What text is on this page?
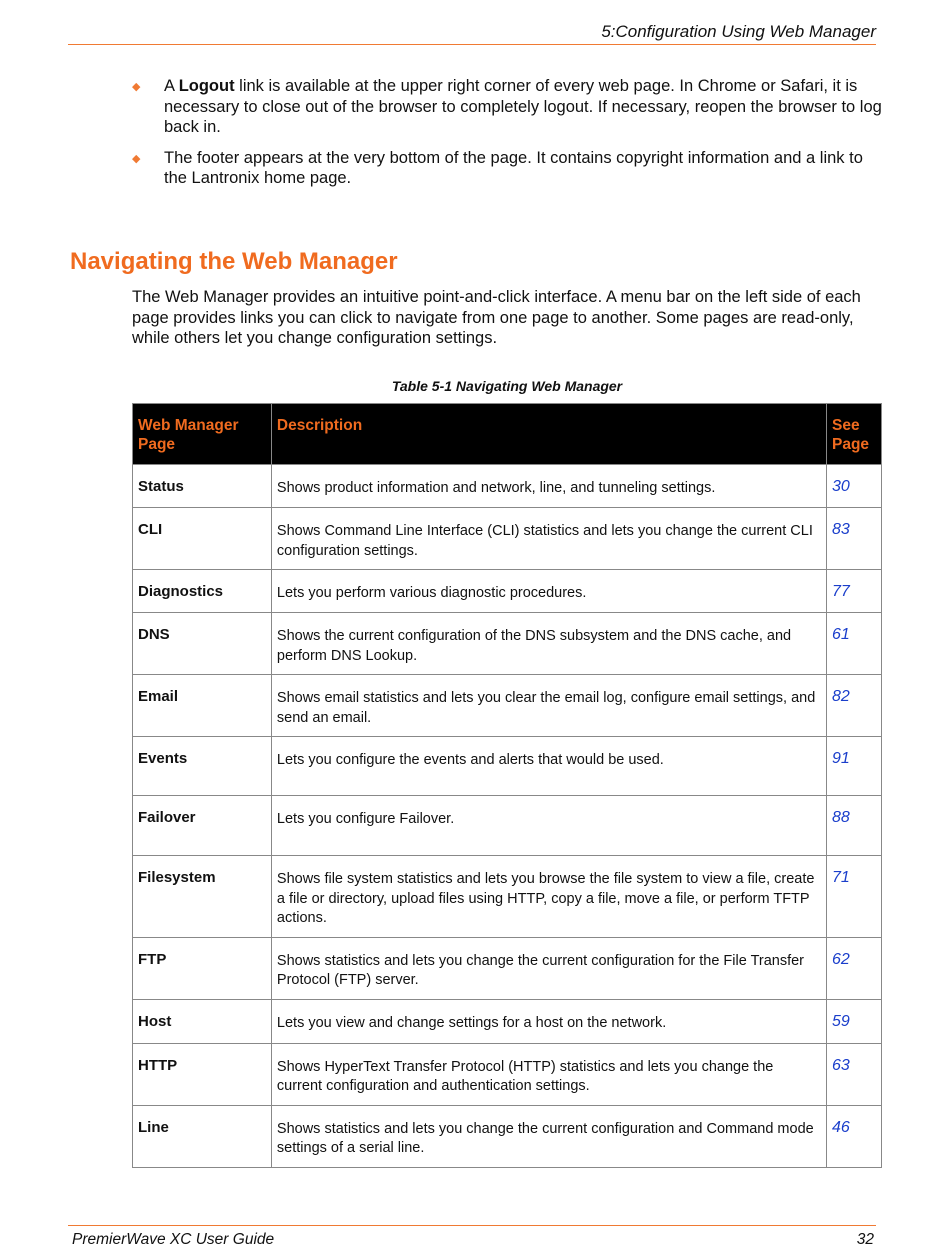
5:Configuration Using Web Manager
◆ A Logout link is available at the upper right corner of every web page. In Chrome or Safari, it is necessary to close out of the browser to completely logout. If necessary, reopen the browser to log back in.
◆ The footer appears at the very bottom of the page. It contains copyright information and a link to the Lantronix home page.
Navigating the Web Manager

The Web Manager provides an intuitive point-and-click interface. A menu bar on the left side of each page provides links you can click to navigate from one page to another. Some pages are read-only, while others let you change configuration settings.

Table 5-1 Navigating Web Manager
Web Manager Page	Description	See Page
Status	Shows product information and network, line, and tunneling settings.	30
CLI	Shows Command Line Interface (CLI) statistics and lets you change the current CLI configuration settings.	83
Diagnostics	Lets you perform various diagnostic procedures.	77
DNS	Shows the current configuration of the DNS subsystem and the DNS cache, and perform DNS Lookup.	61
Email	Shows email statistics and lets you clear the email log, configure email settings, and send an email.	82
Events	Lets you configure the events and alerts that would be used.	91
Failover	Lets you configure Failover.	88
Filesystem	Shows file system statistics and lets you browse the file system to view a file, create a file or directory, upload files using HTTP, copy a file, move a file, or perform TFTP actions.	71
FTP	Shows statistics and lets you change the current configuration for the File Transfer Protocol (FTP) server.	62
Host	Lets you view and change settings for a host on the network.	59
HTTP	Shows HyperText Transfer Protocol (HTTP) statistics and lets you change the current configuration and authentication settings.	63
Line	Shows statistics and lets you change the current configuration and Command mode settings of a serial line.	46
PremierWave XC User Guide	32
